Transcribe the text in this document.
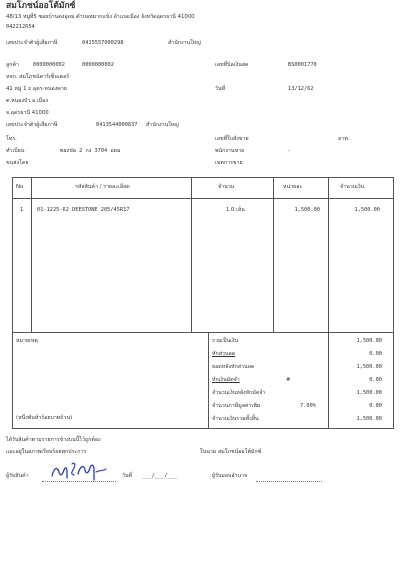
สมโภชน์ออโต้มักซ์
48/13 หมู่ที่5 ซอยบ้านดงอุดม ตำบลหมากแข้ง อำเภอเมือง จังหวัดอุดรธานี 41000
042212654
เลขประจำตัวผู้เสียภาษี	0415557000298	สำนักงานใหญ่
ลูกค้า	0000000002	0000000002
หจก. สมโภชน์คาร์เซ็นเตอร์
41 หมู่ 1 ถ.อุดร-หนองคาย
ต.หนองบัว อ.เมือง
จ.อุดรธานี 41000
เลขประจำตัวผู้เสียภาษี	0413544000837 สำนักงานใหญ่
โทร.
ทำเบียน	mazda 2 กง 3704 อดม
ขนส่งโดย
เลขที่บิลเงินสด	BS0001770
วันที่	13/12/62
เลขที่ใบสั่งขาย	ลาท.
พนักงานขาย	-
เขตการขาย
No.	รหัสสินค้า / รายละเอียด	จำนวน	หน่วยละ	จำนวนเงิน
1	01-1225-62 DEESTONE 205/45R17	1.0 เส้น	1,500.00	1,500.00
หมายเหตุ	รวมเป็นเงิน	1,500.00
หักส่วนลด	0.00
ยอดหลังหักส่วนลด	1,500.00
หักเงินมัดจำ	#	0.00
จำนวนเงินหลังหักมัดจำ	1,500.00
จำนวนภาษีมูลค่าเพิ่ม	7.00%	0.00
(หนึ่งพันห้าร้อยบาทถ้วน)	จำนวนเงินรวมทั้งสิ้น	1,500.00
ได้รับสินค้าตามรายการข้างบนนี้ไว้ถูกต้อง
และอยู่ในสภาพเรียบร้อยทุกประการ	ในนาม สมโภชน์ออโต้มักซ์
ผู้รับสินค้า	วันที่ ___/___/___	ผู้รับมอบอำนาจ
